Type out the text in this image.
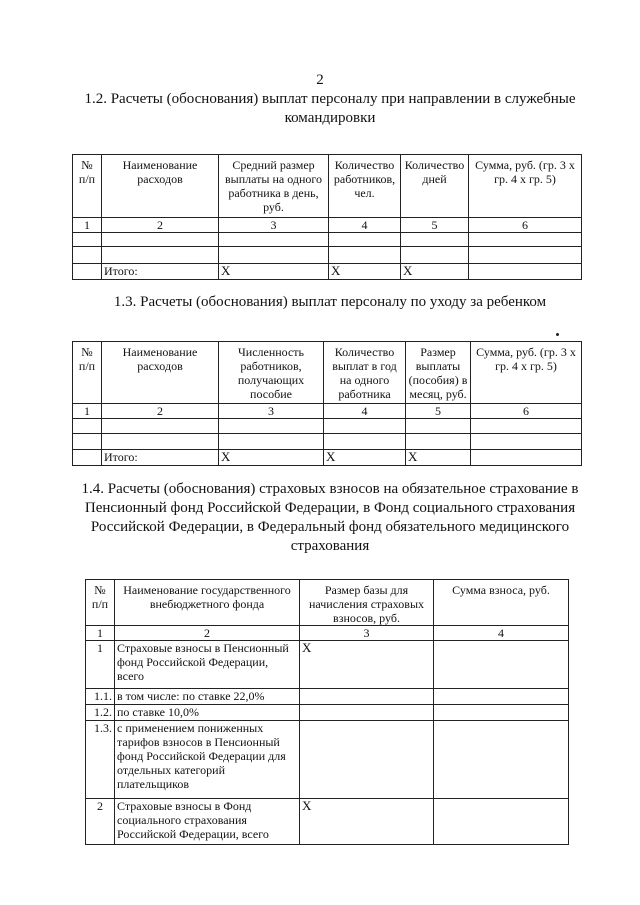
2
1.2. Расчеты (обоснования) выплат персоналу при направлении в служебные
командировки
№ п/п	Наименование расходов	Средний размер выплаты на одного работника в день, руб.	Количество работников, чел.	Количество дней	Сумма, руб. (гр. 3 х гр. 4 х гр. 5)
1	2	3	4	5	6

	Итого:	X	X	X	
1.3. Расчеты (обоснования) выплат персоналу по уходу за ребенком
№ п/п	Наименование расходов	Численность работников, получающих пособие	Количество выплат в год на одного работника	Размер выплаты (пособия) в месяц, руб.	Сумма, руб. (гр. 3 х гр. 4 х гр. 5)
1	2	3	4	5	6

	Итого:	X	X	X	
1.4. Расчеты (обоснования) страховых взносов на обязательное страхование в
Пенсионный фонд Российской Федерации, в Фонд социального страхования
Российской Федерации, в Федеральный фонд обязательного медицинского
страхования
№ п/п	Наименование государственного внебюджетного фонда	Размер базы для начисления страховых взносов, руб.	Сумма взноса, руб.
1	2	3	4
1	Страховые взносы в Пенсионный фонд Российской Федерации, всего	X	
1.1.	в том числе: по ставке 22,0%		
1.2.	по ставке 10,0%		
1.3.	с применением пониженных тарифов взносов в Пенсионный фонд Российской Федерации для отдельных категорий плательщиков		
2	Страховые взносы в Фонд социального страхования Российской Федерации, всего	X	
